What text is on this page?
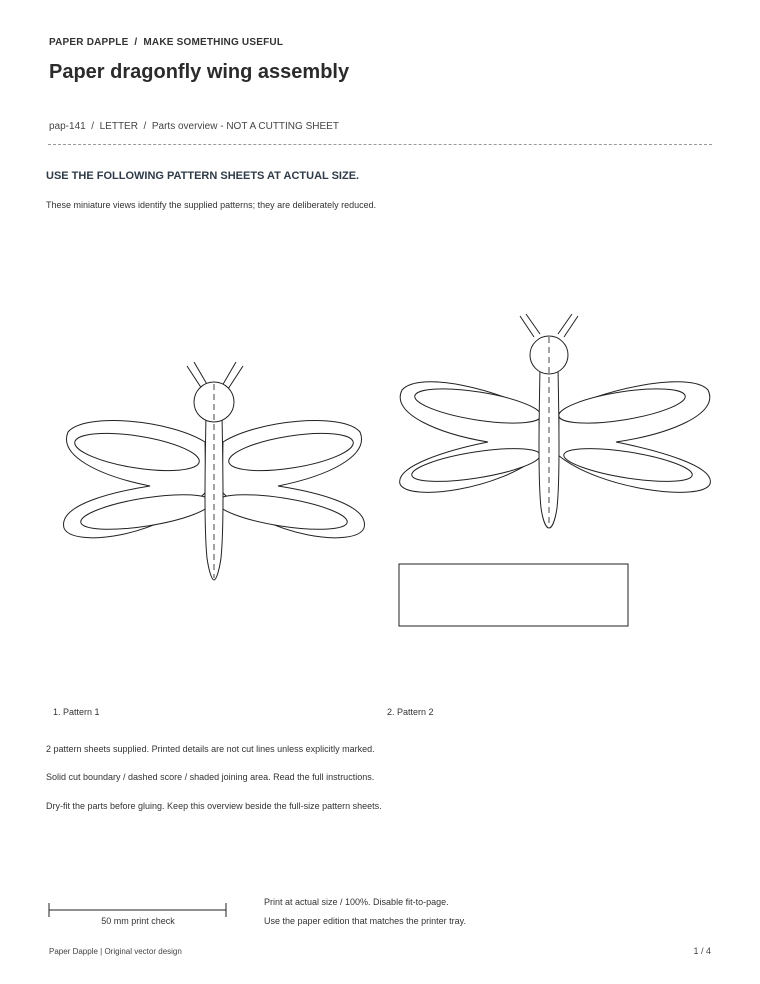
PAPER DAPPLE / MAKE SOMETHING USEFUL
Paper dragonfly wing assembly
pap-141  /  LETTER  /  Parts overview - NOT A CUTTING SHEET
USE THE FOLLOWING PATTERN SHEETS AT ACTUAL SIZE.
These miniature views identify the supplied patterns; they are deliberately reduced.
1. Pattern 1	2. Pattern 2
2 pattern sheets supplied. Printed details are not cut lines unless explicitly marked.
Solid cut boundary / dashed score / shaded joining area. Read the full instructions.
Dry-fit the parts before gluing. Keep this overview beside the full-size pattern sheets.
50 mm print check
Print at actual size / 100%. Disable fit-to-page.
Use the paper edition that matches the printer tray.
Paper Dapple | Original vector design	1 / 4
